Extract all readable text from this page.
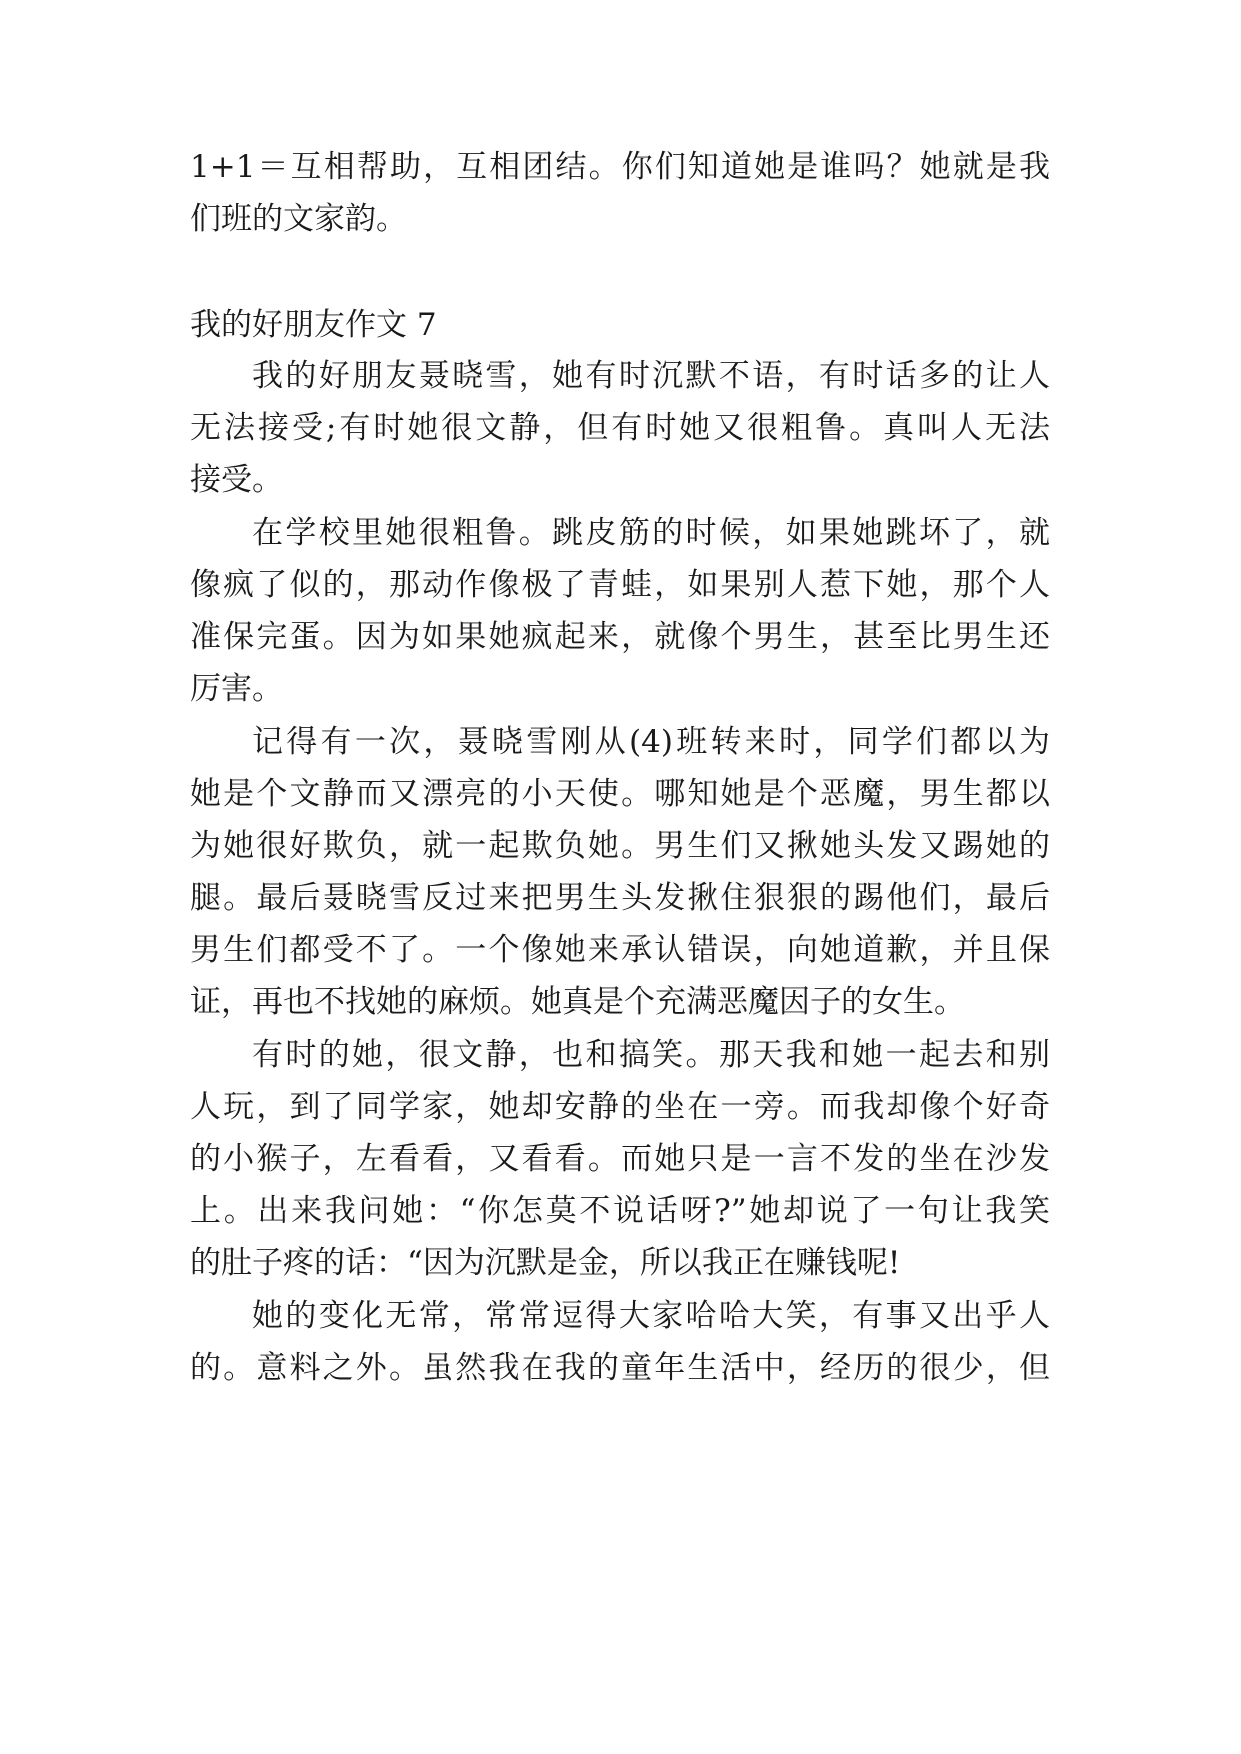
1+1＝互相帮助，互相团结。你们知道她是谁吗？她就是我
们班的文家韵。
我的好朋友作文 7
我的好朋友聂晓雪，她有时沉默不语，有时话多的让人
无法接受;有时她很文静，但有时她又很粗鲁。真叫人无法
接受。
在学校里她很粗鲁。跳皮筋的时候，如果她跳坏了，就
像疯了似的，那动作像极了青蛙，如果别人惹下她，那个人
准保完蛋。因为如果她疯起来，就像个男生，甚至比男生还
厉害。
记得有一次，聂晓雪刚从(4)班转来时，同学们都以为
她是个文静而又漂亮的小天使。哪知她是个恶魔，男生都以
为她很好欺负，就一起欺负她。男生们又揪她头发又踢她的
腿。最后聂晓雪反过来把男生头发揪住狠狠的踢他们，最后
男生们都受不了。一个像她来承认错误，向她道歉，并且保
证，再也不找她的麻烦。她真是个充满恶魔因子的女生。
有时的她，很文静，也和搞笑。那天我和她一起去和别
人玩，到了同学家，她却安静的坐在一旁。而我却像个好奇
的小猴子，左看看，又看看。而她只是一言不发的坐在沙发
上。出来我问她：“你怎莫不说话呀?”她却说了一句让我笑
的肚子疼的话：“因为沉默是金，所以我正在赚钱呢!
她的变化无常，常常逗得大家哈哈大笑，有事又出乎人
的。意料之外。虽然我在我的童年生活中，经历的很少，但
